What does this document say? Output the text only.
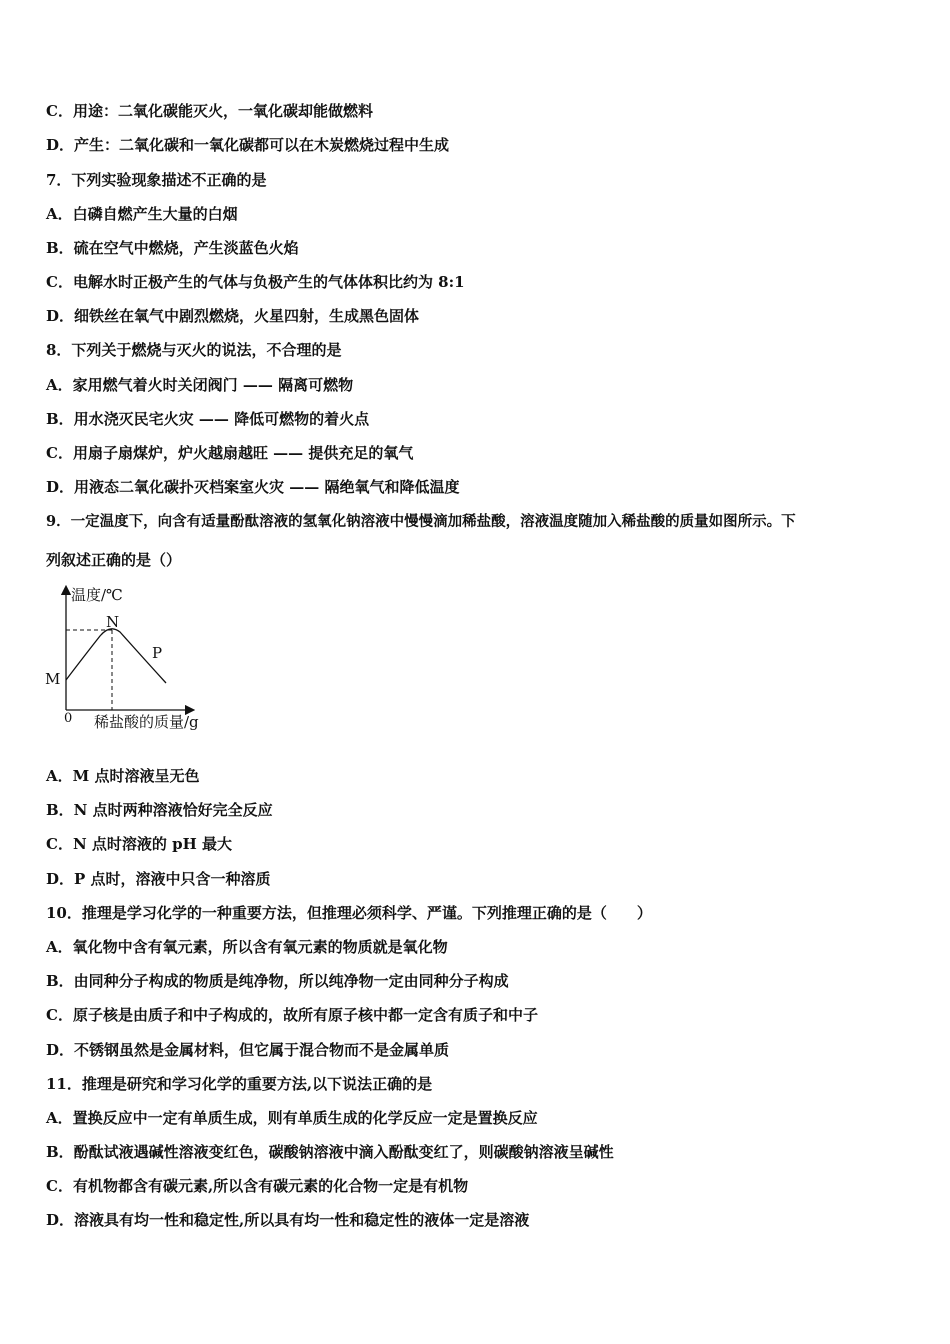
C．用途：二氧化碳能灭火，一氧化碳却能做燃料
D．产生：二氧化碳和一氧化碳都可以在木炭燃烧过程中生成
7．下列实验现象描述不正确的是
A．白磷自燃产生大量的白烟
B．硫在空气中燃烧，产生淡蓝色火焰
C．电解水时正极产生的气体与负极产生的气体体积比约为 8:1
D．细铁丝在氧气中剧烈燃烧，火星四射，生成黑色固体
8．下列关于燃烧与灭火的说法，不合理的是
A．家用燃气着火时关闭阀门 —— 隔离可燃物
B．用水浇灭民宅火灾 —— 降低可燃物的着火点
C．用扇子扇煤炉，炉火越扇越旺 —— 提供充足的氧气
D．用液态二氧化碳扑灭档案室火灾 —— 隔绝氧气和降低温度
9．一定温度下，向含有适量酚酞溶液的氢氧化钠溶液中慢慢滴加稀盐酸，溶液温度随加入稀盐酸的质量如图所示。下
列叙述正确的是（）
温度/℃
稀盐酸的质量/g
0
M
N
P
A．M 点时溶液呈无色
B．N 点时两种溶液恰好完全反应
C．N 点时溶液的 pH 最大
D．P 点时，溶液中只含一种溶质
10．推理是学习化学的一种重要方法，但推理必须科学、严谨。下列推理正确的是（　　）
A．氧化物中含有氧元素，所以含有氧元素的物质就是氧化物
B．由同种分子构成的物质是纯净物，所以纯净物一定由同种分子构成
C．原子核是由质子和中子构成的，故所有原子核中都一定含有质子和中子
D．不锈钢虽然是金属材料，但它属于混合物而不是金属单质
11．推理是研究和学习化学的重要方法,以下说法正确的是
A．置换反应中一定有单质生成，则有单质生成的化学反应一定是置换反应
B．酚酞试液遇碱性溶液变红色，碳酸钠溶液中滴入酚酞变红了，则碳酸钠溶液呈碱性
C．有机物都含有碳元素,所以含有碳元素的化合物一定是有机物
D．溶液具有均一性和稳定性,所以具有均一性和稳定性的液体一定是溶液
